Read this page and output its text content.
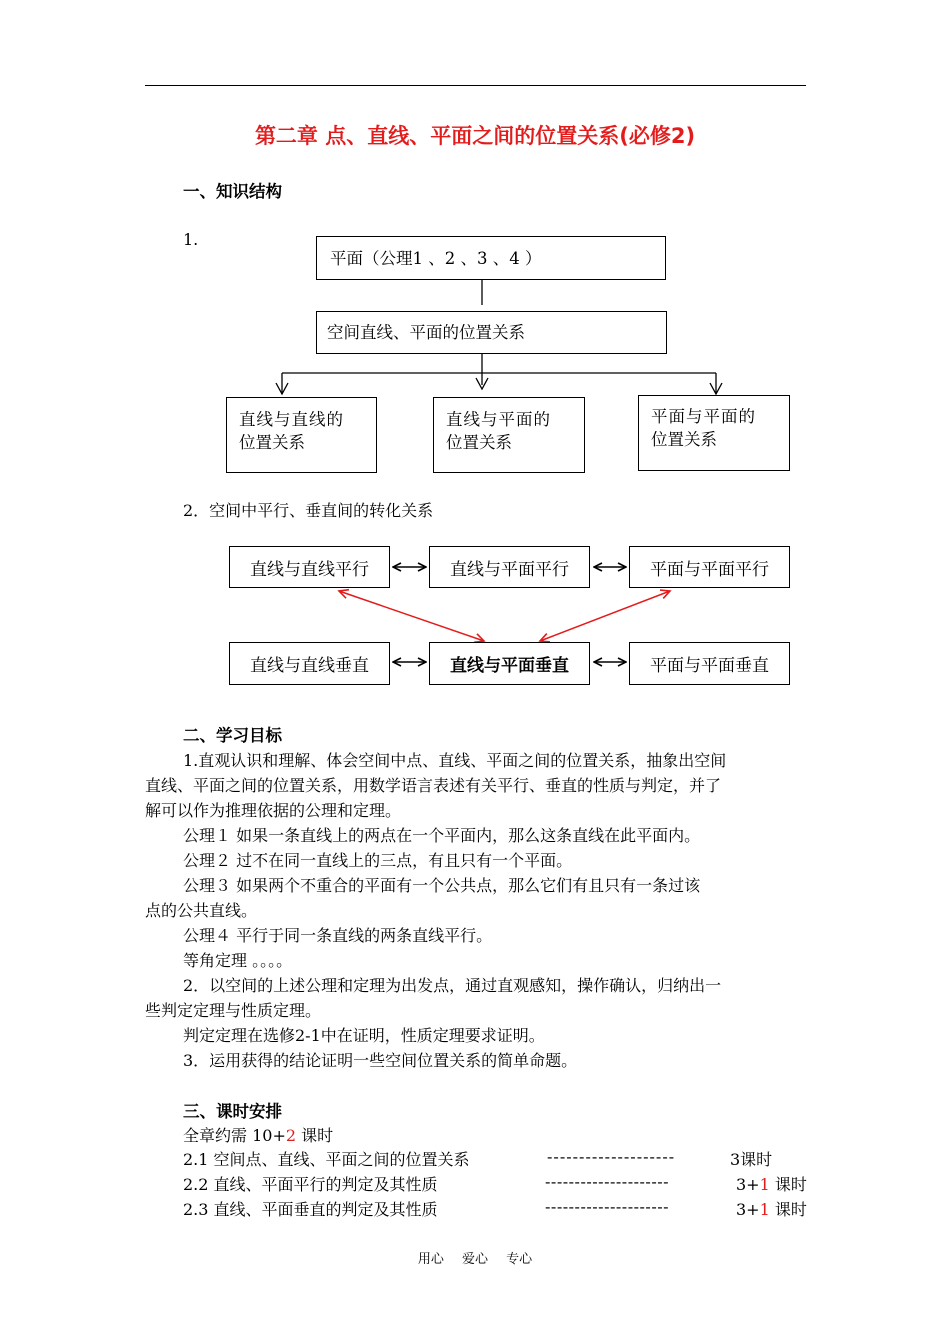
第二章 点、直线、平面之间的位置关系(必修2)
一、知识结构
1.
平面（公理1 、2 、3 、4 ）
空间直线、平面的位置关系
直线与直线的
位置关系
直线与平面的
位置关系
平面与平面的
位置关系
2．空间中平行、垂直间的转化关系
直线与直线平行	直线与平面平行	平面与平面平行
直线与直线垂直	直线与平面垂直	平面与平面垂直
二、学习目标
1.直观认识和理解、体会空间中点、直线、平面之间的位置关系，抽象出空间
直线、平面之间的位置关系，用数学语言表述有关平行、垂直的性质与判定，并了
解可以作为推理依据的公理和定理。
公理１ 如果一条直线上的两点在一个平面内，那么这条直线在此平面内。
公理２ 过不在同一直线上的三点，有且只有一个平面。
公理３ 如果两个不重合的平面有一个公共点，那么它们有且只有一条过该
点的公共直线。
公理４ 平行于同一条直线的两条直线平行。
等角定理 。。。。
2．以空间的上述公理和定理为出发点，通过直观感知，操作确认，归纳出一
些判定定理与性质定理。
判定定理在选修2-1中在证明，性质定理要求证明。
3．运用获得的结论证明一些空间位置关系的简单命题。
三、课时安排
全章约需 10+2 课时
2.1 空间点、直线、平面之间的位置关系	--------------------	3课时
2.2 直线、平面平行的判定及其性质	---------------------	3+1 课时
2.3 直线、平面垂直的判定及其性质	---------------------	3+1 课时
用心 爱心 专心
